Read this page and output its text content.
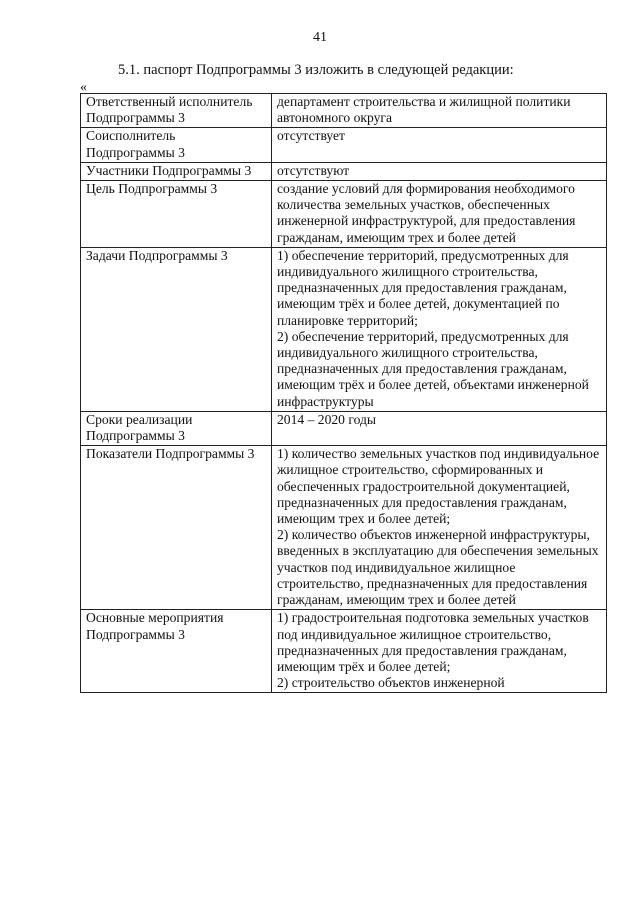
41
5.1. паспорт Подпрограммы 3 изложить в следующей редакции:
«
Ответственный исполнитель Подпрограммы 3	департамент строительства и жилищной политики автономного округа
Соисполнитель Подпрограммы 3	отсутствует
Участники Подпрограммы 3	отсутствуют
Цель Подпрограммы 3	создание условий для формирования необходимого количества земельных участков, обеспеченных инженерной инфраструктурой, для предоставления гражданам, имеющим трех и более детей
Задачи Подпрограммы 3	1) обеспечение территорий, предусмотренных для индивидуального жилищного строительства, предназначенных для предоставления гражданам, имеющим трёх и более детей, документацией по планировке территорий;
2) обеспечение территорий, предусмотренных для индивидуального жилищного строительства, предназначенных для предоставления гражданам, имеющим трёх и более детей, объектами инженерной инфраструктуры
Сроки реализации Подпрограммы 3	2014 – 2020 годы
Показатели Подпрограммы 3	1) количество земельных участков под индивидуальное жилищное строительство, сформированных и обеспеченных градостроительной документацией, предназначенных для предоставления гражданам, имеющим трех и более детей;
2) количество объектов инженерной инфраструктуры, введенных в эксплуатацию для обеспечения земельных участков под индивидуальное жилищное строительство, предназначенных для предоставления гражданам, имеющим трех и более детей
Основные мероприятия Подпрограммы 3	1) градостроительная подготовка земельных участков под индивидуальное жилищное строительство, предназначенных для предоставления гражданам, имеющим трёх и более детей;
2) строительство объектов инженерной
